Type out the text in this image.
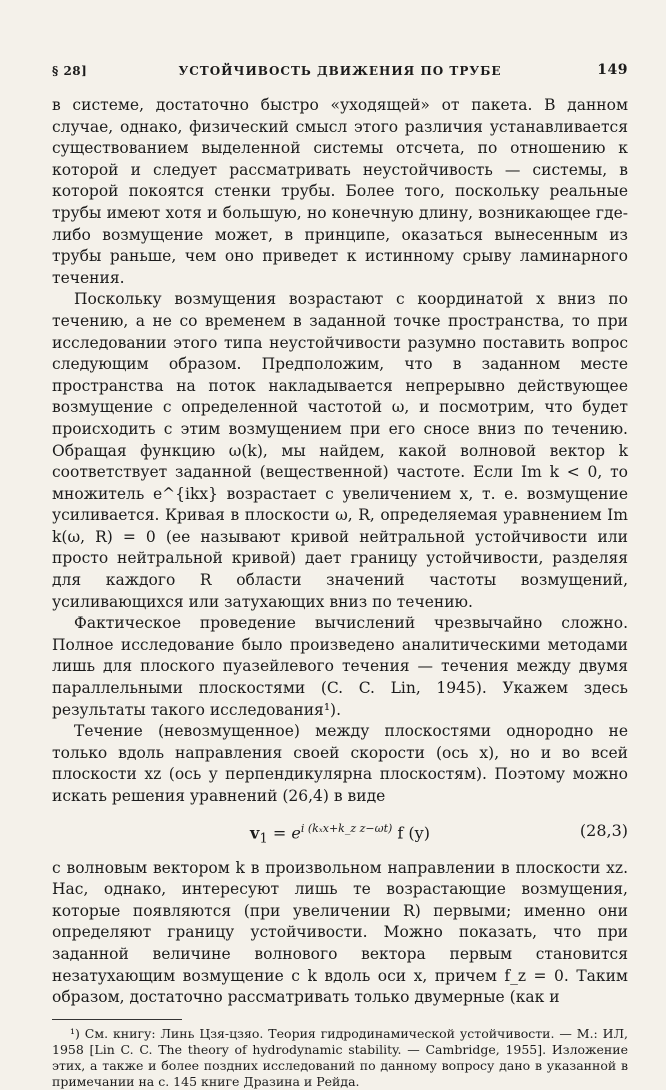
§ 28]	УСТОЙЧИВОСТЬ ДВИЖЕНИЯ ПО ТРУБЕ	149

в системе, достаточно быстро «уходящей» от пакета. В данном случае, однако, физический смысл этого различия устанавливается существованием выделенной системы отсчета, по отношению к которой и следует рассматривать неустойчивость — системы, в которой покоятся стенки трубы. Более того, поскольку реальные трубы имеют хотя и большую, но конечную длину, возникающее где-либо возмущение может, в принципе, оказаться вынесенным из трубы раньше, чем оно приведет к истинному срыву ламинарного течения.

Поскольку возмущения возрастают с координатой x вниз по течению, а не со временем в заданной точке пространства, то при исследовании этого типа неустойчивости разумно поставить вопрос следующим образом. Предположим, что в заданном месте пространства на поток накладывается непрерывно действующее возмущение с определенной частотой ω, и посмотрим, что будет происходить с этим возмущением при его сносе вниз по течению. Обращая функцию ω(k), мы найдем, какой волновой вектор k соответствует заданной (вещественной) частоте. Если Im k < 0, то множитель e^{ikx} возрастает с увеличением x, т. е. возмущение усиливается. Кривая в плоскости ω, R, определяемая уравнением Im k(ω, R) = 0 (ее называют кривой нейтральной устойчивости или просто нейтральной кривой) дает границу устойчивости, разделяя для каждого R области значений частоты возмущений, усиливающихся или затухающих вниз по течению.

Фактическое проведение вычислений чрезвычайно сложно. Полное исследование было произведено аналитическими методами лишь для плоского пуазейлевого течения — течения между двумя параллельными плоскостями (C. C. Lin, 1945). Укажем здесь результаты такого исследования¹).

Течение (невозмущенное) между плоскостями однородно не только вдоль направления своей скорости (ось x), но и во всей плоскости xz (ось y перпендикулярна плоскостям). Поэтому можно искать решения уравнений (26,4) в виде

$v_1 = e^{i (k_xx+k\_z z-\omega t)}$ f (y)	(28,3)

с волновым вектором k в произвольном направлении в плоскости xz. Нас, однако, интересуют лишь те возрастающие возмущения, которые появляются (при увеличении R) первыми; именно они определяют границу устойчивости. Можно показать, что при заданной величине волнового вектора первым становится незатухающим возмущение с k вдоль оси x, причем f_z = 0. Таким образом, достаточно рассматривать только двумерные (как и

¹) См. книгу: Линь Цзя-цзяо. Теория гидродинамической устойчивости. — М.: ИЛ, 1958 [Lin C. C. The theory of hydrodynamic stability. — Cambridge, 1955]. Изложение этих, а также и более поздних исследований по данному вопросу дано в указанной в примечании на с. 145 книге Дразина и Рейда.
